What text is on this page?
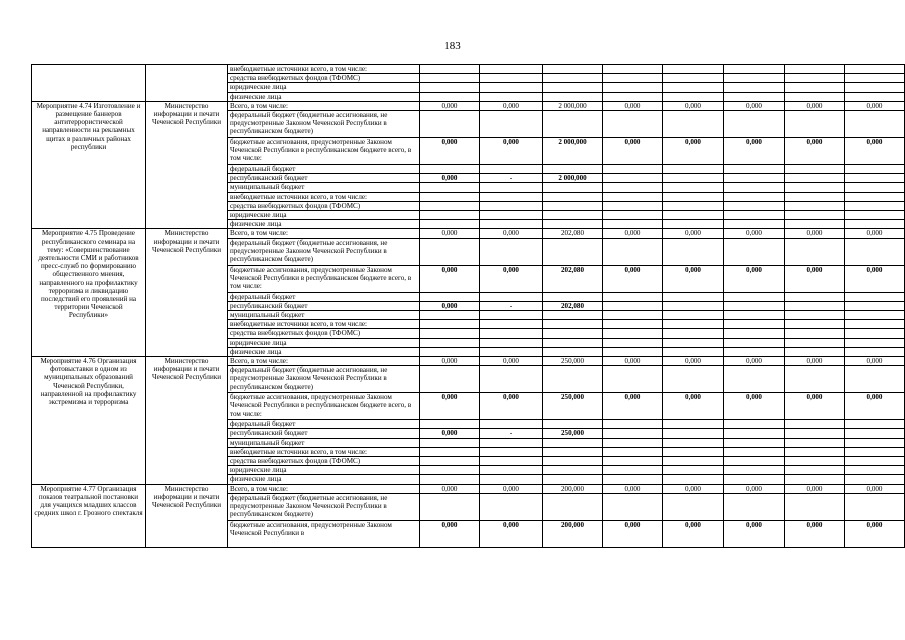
183
		внебюджетные источники всего, в том числе:								
		средства внебюджетных фондов (ТФОМС)								
		юридические лица								
		физические лица								
Мероприятие 4.74 Изготовление и размещение баннеров антитеррористической направленности на рекламных щитах в различных районах республики	Министерство информации и печати Чеченской Республики	Всего, в том числе:	0,000	0,000	2 000,000	0,000	0,000	0,000	0,000	0,000
		федеральный бюджет (бюджетные ассигнования, не предусмотренные Законом Чеченской Республики в республиканском бюджете)								
		бюджетные ассигнования, предусмотренные Законом Чеченской Республики в республиканском бюджете всего, в том числе:	0,000	0,000	2 000,000	0,000	0,000	0,000	0,000	0,000
		федеральный бюджет								
		республиканский бюджет	0,000	-	2 000,000					
		муниципальный бюджет								
		внебюджетные источники всего, в том числе:								
		средства внебюджетных фондов (ТФОМС)								
		юридические лица								
		физические лица								
Мероприятие 4.75 Проведение республиканского семинара на тему: «Совершенствование деятельности СМИ и работников пресс-служб по формированию общественного мнения, направленного на профилактику терроризма и ликвидацию последствий его проявлений на территории Чеченской Республики»	Министерство информации и печати Чеченской Республики	Всего, в том числе:	0,000	0,000	202,080	0,000	0,000	0,000	0,000	0,000
		федеральный бюджет (бюджетные ассигнования, не предусмотренные Законом Чеченской Республики в республиканском бюджете)								
		бюджетные ассигнования, предусмотренные Законом Чеченской Республики в республиканском бюджете всего, в том числе:	0,000	0,000	202,080	0,000	0,000	0,000	0,000	0,000
		федеральный бюджет								
		республиканский бюджет	0,000	-	202,080					
		муниципальный бюджет								
		внебюджетные источники всего, в том числе:								
		средства внебюджетных фондов (ТФОМС)								
		юридические лица								
		физические лица								
Мероприятие 4.76 Организация фотовыставки в одном из муниципальных образований Чеченской Республики, направленной на профилактику экстремизма и терроризма	Министерство информации и печати Чеченской Республики	Всего, в том числе:	0,000	0,000	250,000	0,000	0,000	0,000	0,000	0,000
		федеральный бюджет (бюджетные ассигнования, не предусмотренные Законом Чеченской Республики в республиканском бюджете)								
		бюджетные ассигнования, предусмотренные Законом Чеченской Республики в республиканском бюджете всего, в том числе:	0,000	0,000	250,000	0,000	0,000	0,000	0,000	0,000
		федеральный бюджет								
		республиканский бюджет	0,000	-	250,000					
		муниципальный бюджет								
		внебюджетные источники всего, в том числе:								
		средства внебюджетных фондов (ТФОМС)								
		юридические лица								
		физические лица								
Мероприятие 4.77 Организация показов театральной постановки для учащихся младших классов средних школ г. Грозного спектакля	Министерство информации и печати Чеченской Республики	Всего, в том числе:	0,000	0,000	200,000	0,000	0,000	0,000	0,000	0,000
		федеральный бюджет (бюджетные ассигнования, не предусмотренные Законом Чеченской Республики в республиканском бюджете)								
		бюджетные ассигнования, предусмотренные Законом Чеченской Республики в	0,000	0,000	200,000	0,000	0,000	0,000	0,000	0,000
